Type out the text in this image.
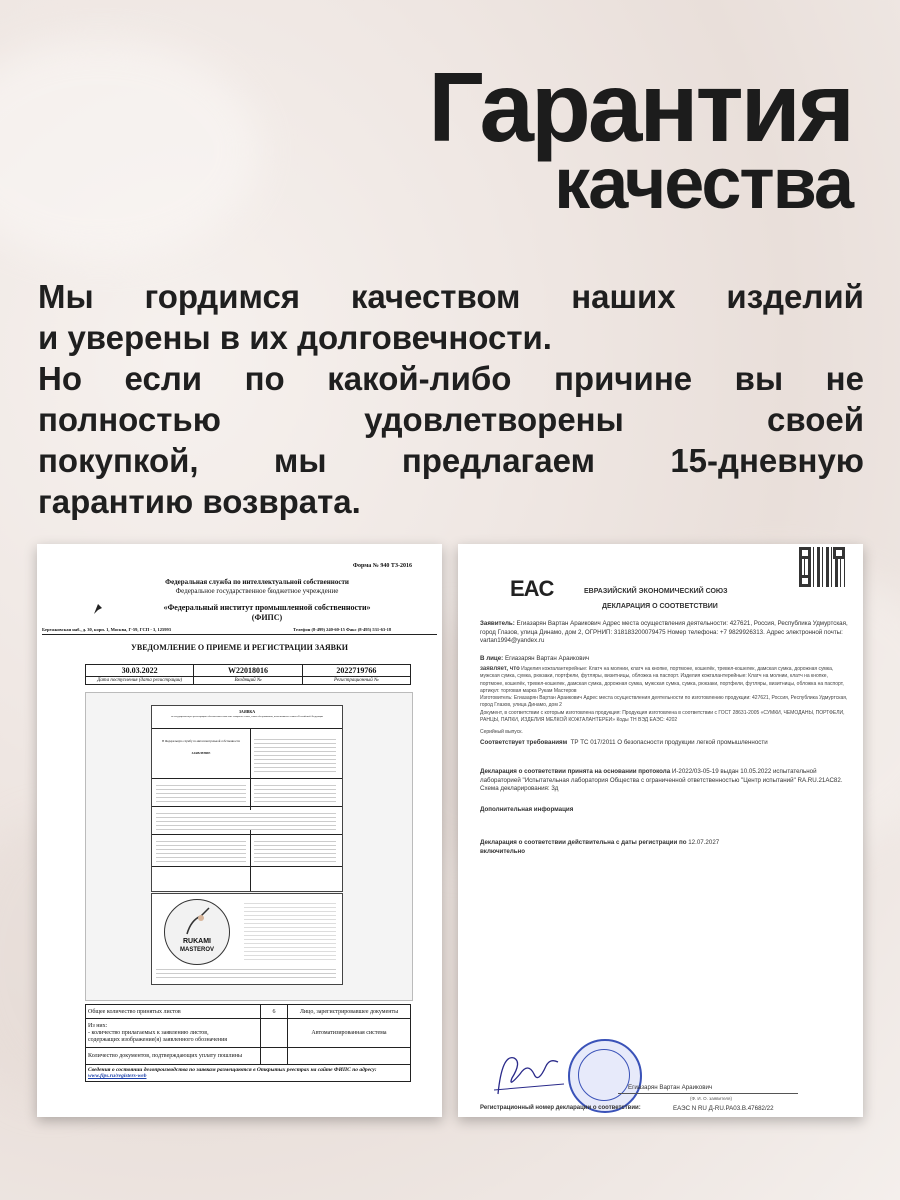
Гарантия
качества

Мы гордимся качеством наших изделий

и уверены в их долговечности.

Но если по какой-либо причине вы не

полностью	удовлетворены	своей

покупкой, мы предлагаем 15-дневную

гарантию возврата.

Форма № 940 ТЗ-2016
Федеральная служба по интеллектуальной собственности
Федеральное государственное бюджетное учреждение
«Федеральный институт промышленной собственности»
(ФИПС)
Бережковская наб., д. 30, корп. 1, Москва, Г-59, ГСП - 3, 125993	Телефон (8-499) 240-60-15 Факс (8-495) 531-63-18
УВЕДОМЛЕНИЕ О ПРИЕМЕ И РЕГИСТРАЦИИ ЗАЯВКИ
30.03.2022	W22018016	2022719766
Дата поступления (дата регистрации)	Входящий №	Регистрационный №
ЗАЯВКА
на государственную регистрацию обозначения в качестве товарного знака, знака обслуживания, коллективного знака в Российской Федерации
В Федеральную службу по интеллектуальной собственности
ЗАЯВЛЕНИЕ
RUKAMI
MASTEROV
Общее количество принятых листов	6	Лицо, зарегистрировавшее документы
Из них:
- количество прилагаемых к заявлению листов,
содержащих изображение(я) заявленного обозначения		Автоматизированная система
Количество документов, подтверждающих уплату пошлины		
Сведения о состоянии делопроизводства по заявкам размещаются в Открытых реестрах на сайте ФИПС по адресу: www.fips.ru/registers-web		
EAC	ЕВРАЗИЙСКИЙ ЭКОНОМИЧЕСКИЙ СОЮЗ
ДЕКЛАРАЦИЯ О СООТВЕТСТВИИ
Заявитель: Егиазарян Вартан Араикович Адрес места осуществления деятельности: 427621, Россия, Республика Удмуртская, город Глазов, улица Динамо, дом 2, ОГРНИП: 318183200079475 Номер телефона: +7 9829926313. Адрес электронной почты: vartan1994@yandex.ru
В лице: Егиазарян Вартан Араикович
заявляет, что Изделия кожгалантерейные: Клатч на молнии, клатч на кнопке, портмоне, кошелёк, тревел-кошелек, дамская сумка, дорожная сумка, мужская сумка, сумка, рюкзаки, портфели, футляры, визитницы, обложка на паспорт. Изделия кожгалантерейные: Клатч на молнии, клатч на кнопке, портмоне, кошелёк, тревел-кошелек, дамская сумка, дорожная сумка, мужская сумка, сумка, рюкзаки, портфели, футляры, визитницы, обложка на паспорт, артикул: торговая марка Рукам Мастеров
Изготовитель: Егиазарян Вартан Араикович Адрес места осуществления деятельности по изготовлению продукции: 427621, Россия, Республика Удмуртская, город Глазов, улица Динамо, дом 2
Документ, в соответствии с которым изготовлена продукция: Продукция изготовлена в соответствии с ГОСТ 28631-2005 «СУМКИ, ЧЕМОДАНЫ, ПОРТФЕЛИ, РАНЦЫ, ПАПКИ, ИЗДЕЛИЯ МЕЛКОЙ КОЖГАЛАНТЕРЕИ» Коды ТН ВЭД ЕАЭС: 4202
Серийный выпуск.
Соответствует требованиям ТР ТС 017/2011 О безопасности продукции легкой промышленности
Декларация о соответствии принята на основании протокола И-2022/03-05-19 выдан 10.05.2022 испытательной лабораторией "Испытательная лаборатория Общества с ограниченной ответственностью "Центр испытаний" RA.RU.21AC82. Схема декларирования: 3д
Дополнительная информация
Декларация о соответствии действительна с даты регистрации по 12.07.2027
включительно
Егиазарян Вартан Араикович
(Ф. И. О. заявителя)
Регистрационный номер декларации о соответствии:	ЕАЭС N RU Д-RU.PA03.B.47682/22
